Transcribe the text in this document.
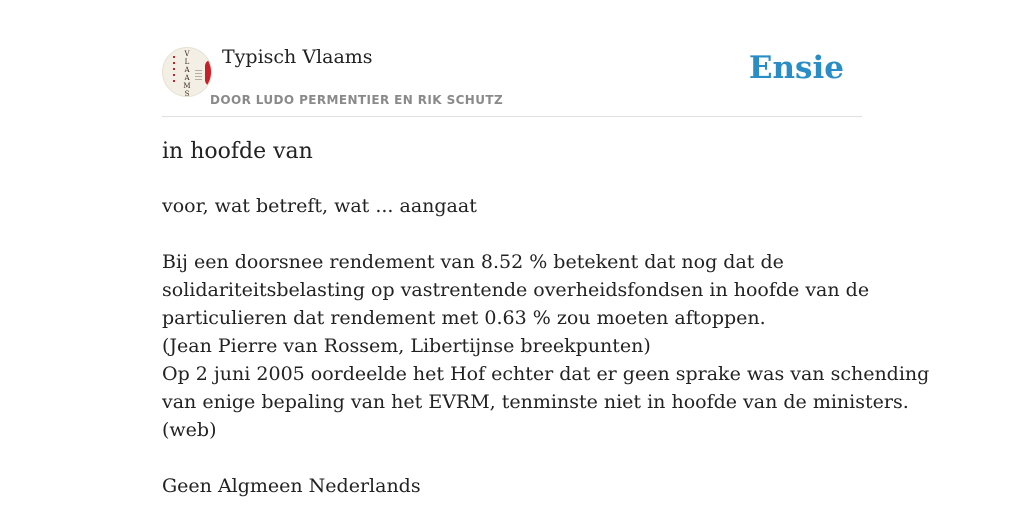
V
L
A
A
M
S
Typisch Vlaams
DOOR LUDO PERMENTIER EN RIK SCHUTZ
Ensie
in hoofde van

voor, wat betreft, wat ... aangaat

Bij een doorsnee rendement van 8.52 % betekent dat nog dat de
solidariteitsbelasting op vastrentende overheidsfondsen in hoofde van de
particulieren dat rendement met 0.63 % zou moeten aftoppen.
(Jean Pierre van Rossem, Libertijnse breekpunten)
Op 2 juni 2005 oordeelde het Hof echter dat er geen sprake was van schending
van enige bepaling van het EVRM, tenminste niet in hoofde van de ministers.
(web)

Geen Algmeen Nederlands
